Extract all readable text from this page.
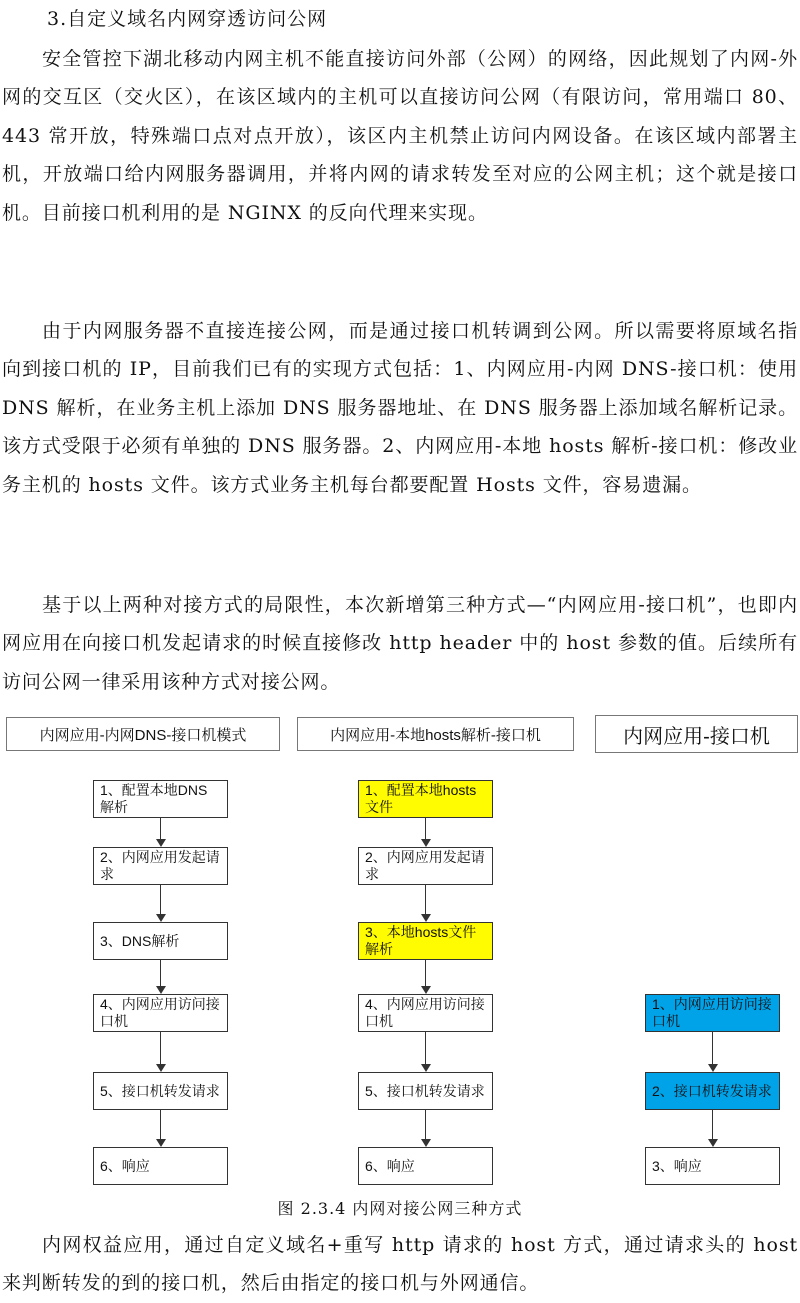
3.自定义域名内网穿透访问公网
安全管控下湖北移动内网主机不能直接访问外部（公网）的网络，因此规划了内网-外网的交互区（交火区），在该区域内的主机可以直接访问公网（有限访问，常用端口 80、443 常开放，特殊端口点对点开放），该区内主机禁止访问内网设备。在该区域内部署主机，开放端口给内网服务器调用，并将内网的请求转发至对应的公网主机；这个就是接口机。目前接口机利用的是 NGINX 的反向代理来实现。
由于内网服务器不直接连接公网，而是通过接口机转调到公网。所以需要将原域名指向到接口机的 IP，目前我们已有的实现方式包括：1、内网应用-内网 DNS-接口机：使用 DNS 解析，在业务主机上添加 DNS 服务器地址、在 DNS 服务器上添加域名解析记录。该方式受限于必须有单独的 DNS 服务器。2、内网应用-本地 hosts 解析-接口机：修改业务主机的 hosts 文件。该方式业务主机每台都要配置 Hosts 文件，容易遗漏。
基于以上两种对接方式的局限性，本次新增第三种方式—“内网应用-接口机”，也即内网应用在向接口机发起请求的时候直接修改 http header 中的 host 参数的值。后续所有访问公网一律采用该种方式对接公网。
内网应用-内网DNS-接口机模式	内网应用-本地hosts解析-接口机	内网应用-接口机
1、配置本地DNS解析
2、内网应用发起请求
3、DNS解析
4、内网应用访问接口机
5、接口机转发请求
6、响应
1、配置本地hosts文件
2、内网应用发起请求
3、本地hosts文件解析
4、内网应用访问接口机
5、接口机转发请求
6、响应
1、内网应用访问接口机
2、接口机转发请求
3、响应
图 2.3.4 内网对接公网三种方式
内网权益应用，通过自定义域名+重写 http 请求的 host 方式，通过请求头的 host 来判断转发的到的接口机，然后由指定的接口机与外网通信。
